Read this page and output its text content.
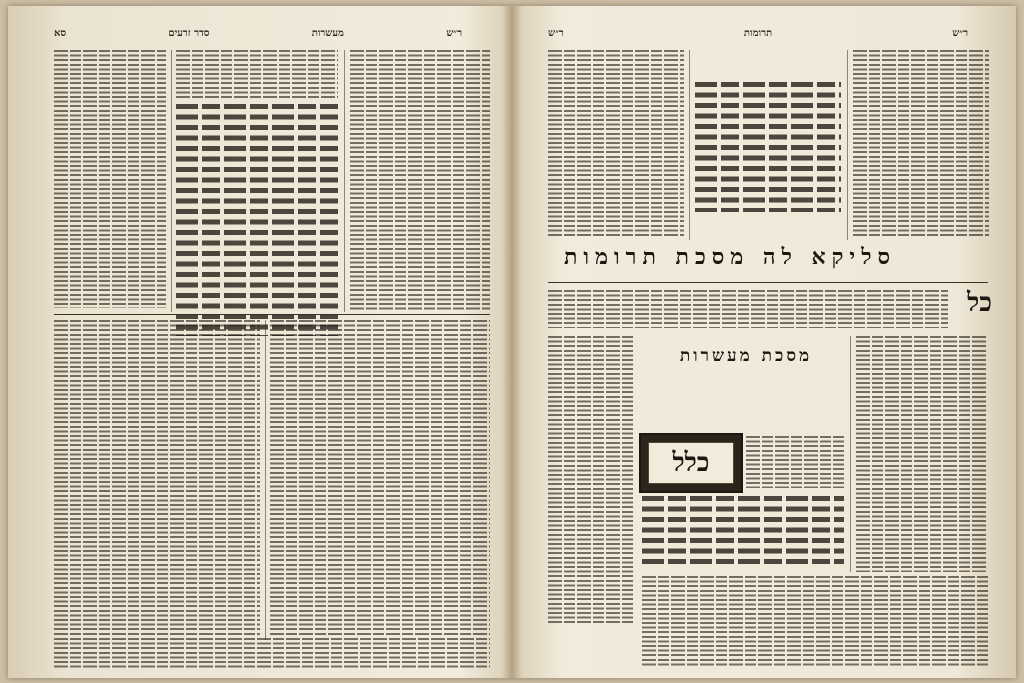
ר״ש
מעשרות
סדר זרעים
סא	ר״ש
תרומות
ר״ש
סליקא לה מסכת תרומות
כל
מסכת מעשרות
כלל
